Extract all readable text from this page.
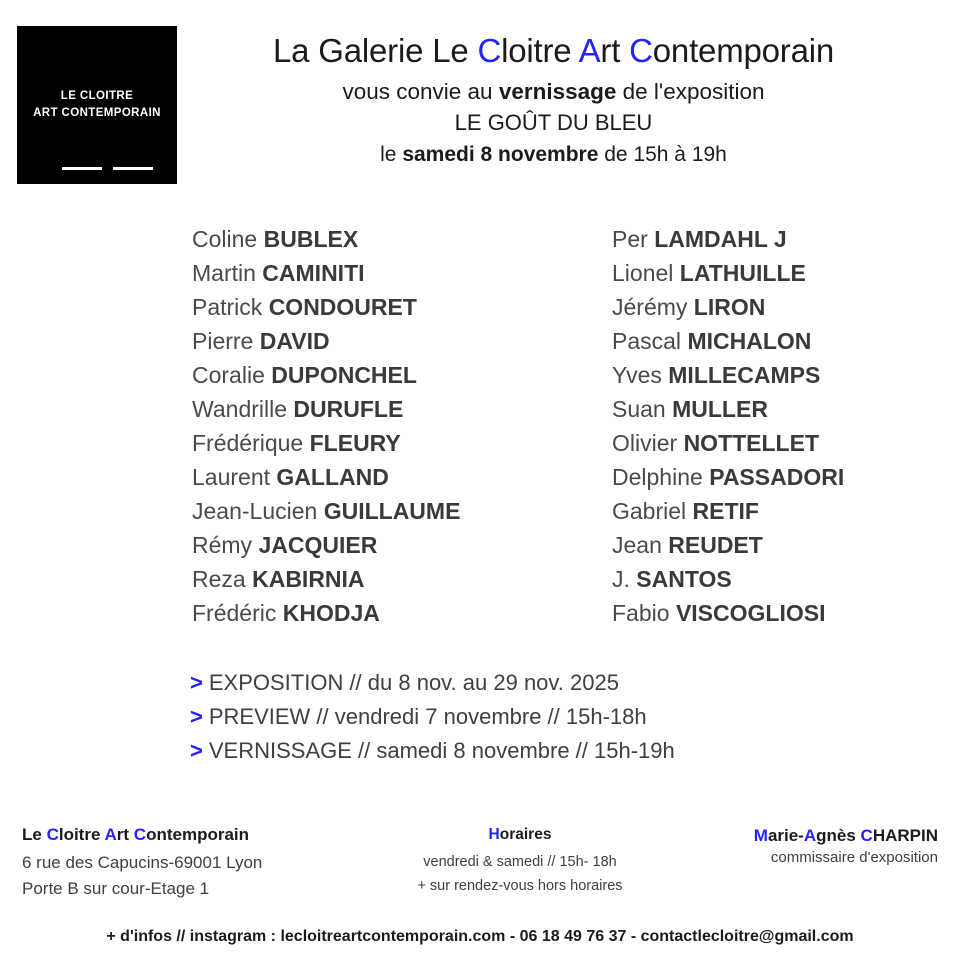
LE CLOITRE
ART CONTEMPORAIN
La Galerie Le Cloitre Art Contemporain
vous convie au vernissage de l'exposition
LE GOÛT DU BLEU
le samedi 8 novembre de 15h à 19h
Coline BUBLEX
Martin CAMINITI
Patrick CONDOURET
Pierre DAVID
Coralie DUPONCHEL
Wandrille DURUFLE
Frédérique FLEURY
Laurent GALLAND
Jean-Lucien GUILLAUME
Rémy JACQUIER
Reza KABIRNIA
Frédéric KHODJA
Per LAMDAHL J
Lionel LATHUILLE
Jérémy LIRON
Pascal MICHALON
Yves MILLECAMPS
Suan MULLER
Olivier NOTTELLET
Delphine PASSADORI
Gabriel RETIF
Jean REUDET
J. SANTOS
Fabio VISCOGLIOSI
> EXPOSITION // du 8 nov. au 29 nov. 2025
> PREVIEW // vendredi 7 novembre // 15h-18h
> VERNISSAGE // samedi 8 novembre // 15h-19h
Le Cloitre Art Contemporain
6 rue des Capucins-69001 Lyon
Porte B sur cour-Etage 1
Horaires
vendredi & samedi // 15h- 18h
+ sur rendez-vous hors horaires
Marie-Agnès CHARPIN
commissaire d'exposition
+ d'infos // instagram : lecloitreartcontemporain.com - 06 18 49 76 37 - contactlecloitre@gmail.com
